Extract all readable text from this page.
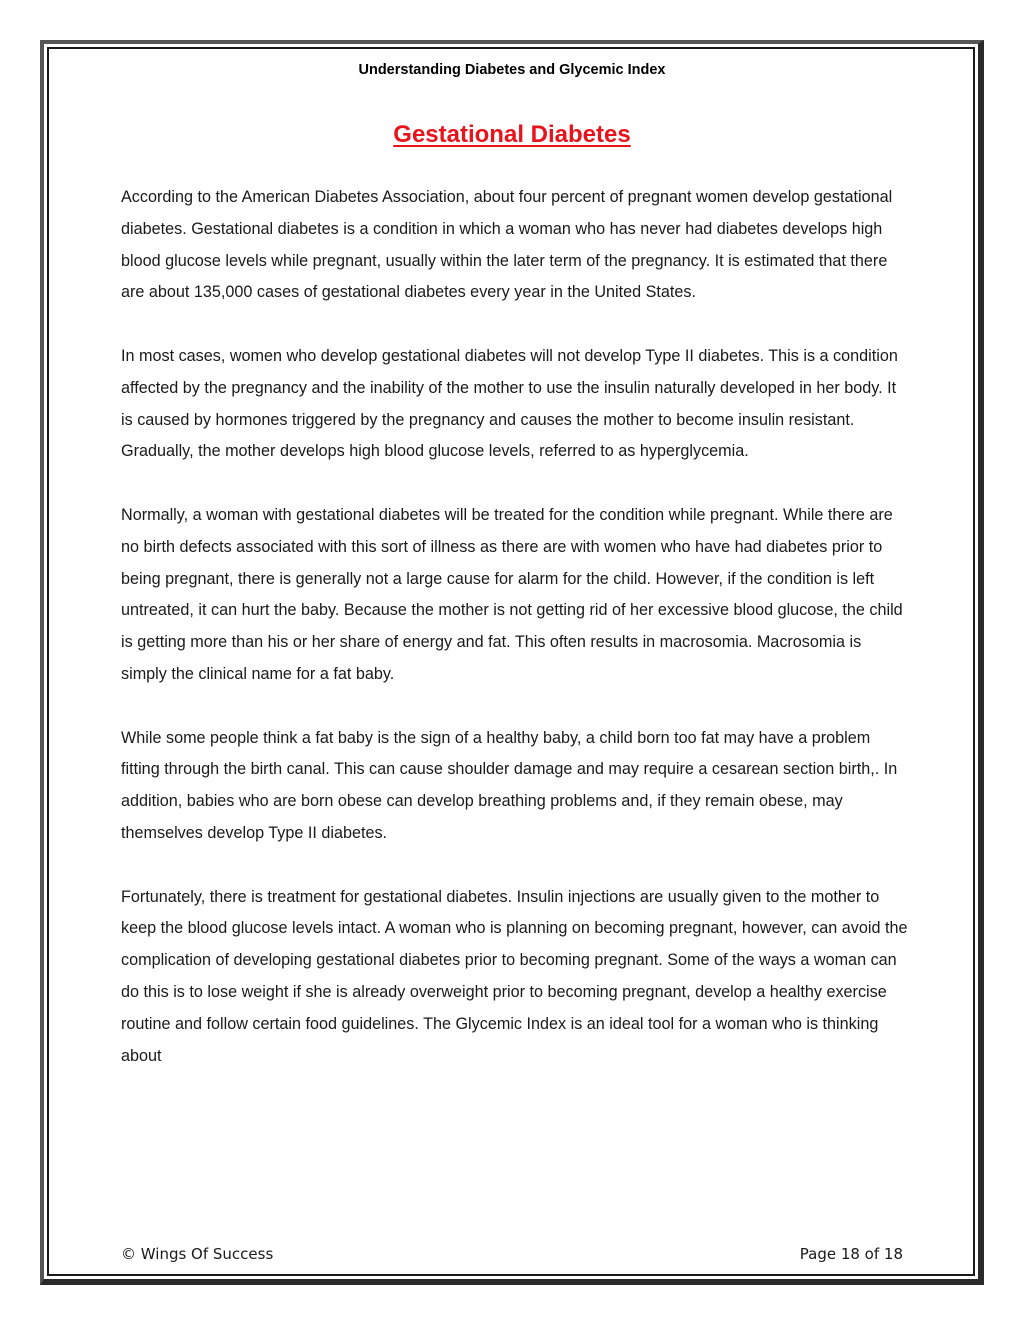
Understanding Diabetes and Glycemic Index
Gestational Diabetes

According to the American Diabetes Association, about four percent of pregnant women develop gestational diabetes. Gestational diabetes is a condition in which a woman who has never had diabetes develops high blood glucose levels while pregnant, usually within the later term of the pregnancy. It is estimated that there are about 135,000 cases of gestational diabetes every year in the United States.

In most cases, women who develop gestational diabetes will not develop Type II diabetes. This is a condition affected by the pregnancy and the inability of the mother to use the insulin naturally developed in her body. It is caused by hormones triggered by the pregnancy and causes the mother to become insulin resistant. Gradually, the mother develops high blood glucose levels, referred to as hyperglycemia.

Normally, a woman with gestational diabetes will be treated for the condition while pregnant. While there are no birth defects associated with this sort of illness as there are with women who have had diabetes prior to being pregnant, there is generally not a large cause for alarm for the child. However, if the condition is left untreated, it can hurt the baby. Because the mother is not getting rid of her excessive blood glucose, the child is getting more than his or her share of energy and fat. This often results in macrosomia. Macrosomia is simply the clinical name for a fat baby.

While some people think a fat baby is the sign of a healthy baby, a child born too fat may have a problem fitting through the birth canal. This can cause shoulder damage and may require a cesarean section birth,. In addition, babies who are born obese can develop breathing problems and, if they remain obese, may themselves develop Type II diabetes.

Fortunately, there is treatment for gestational diabetes. Insulin injections are usually given to the mother to keep the blood glucose levels intact. A woman who is planning on becoming pregnant, however, can avoid the complication of developing gestational diabetes prior to becoming pregnant. Some of the ways a woman can do this is to lose weight if she is already overweight prior to becoming pregnant, develop a healthy exercise routine and follow certain food guidelines. The Glycemic Index is an ideal tool for a woman who is thinking about

© Wings Of Success	Page 18 of 18
